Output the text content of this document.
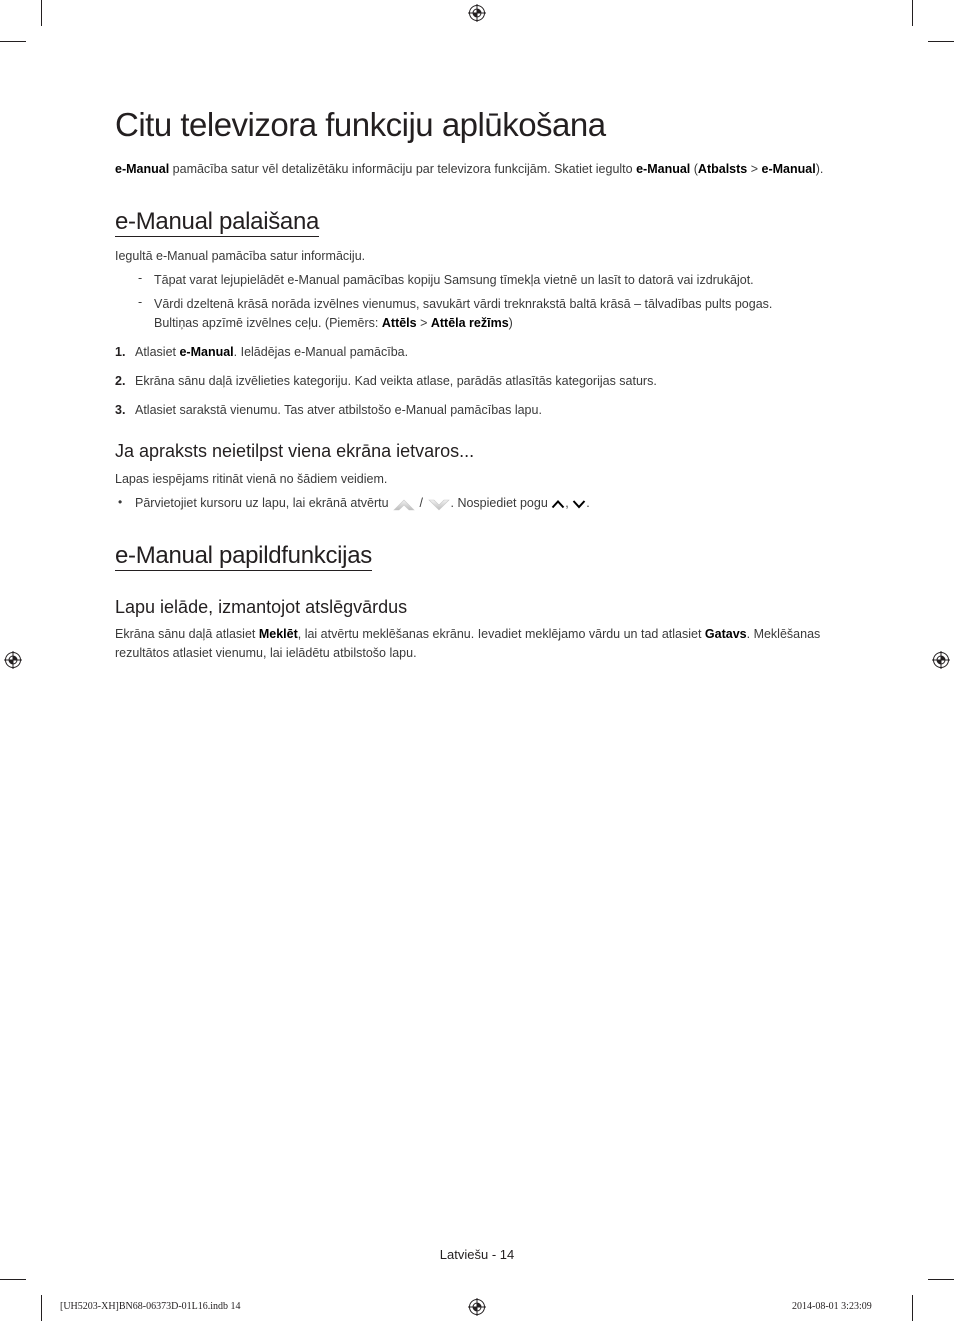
Citu televizora funkciju aplūkošana
e-Manual pamācība satur vēl detalizētāku informāciju par televizora funkcijām. Skatiet iegulto e-Manual (Atbalsts > e-Manual).
e-Manual palaišana
Iegultā e-Manual pamācība satur informāciju.
- Tāpat varat lejupielādēt e-Manual pamācības kopiju Samsung tīmekļa vietnē un lasīt to datorā vai izdrukājot.
- Vārdi dzeltenā krāsā norāda izvēlnes vienumus, savukārt vārdi treknrakstā baltā krāsā – tālvadības pults pogas.
Bultiņas apzīmē izvēlnes ceļu. (Piemērs: Attēls > Attēla režīms)
1. Atlasiet e-Manual. Ielādējas e-Manual pamācība.
2. Ekrāna sānu daļā izvēlieties kategoriju. Kad veikta atlase, parādās atlasītās kategorijas saturs.
3. Atlasiet sarakstā vienumu. Tas atver atbilstošo e-Manual pamācības lapu.
Ja apraksts neietilpst viena ekrāna ietvaros...
Lapas iespējams ritināt vienā no šādiem veidiem.
• Pārvietojiet kursoru uz lapu, lai ekrānā atvērtu
/
. Nospiediet pogu
,
.
e-Manual papildfunkcijas
Lapu ielāde, izmantojot atslēgvārdus
Ekrāna sānu daļā atlasiet Meklēt, lai atvērtu meklēšanas ekrānu. Ievadiet meklējamo vārdu un tad atlasiet Gatavs. Meklēšanas
rezultātos atlasiet vienumu, lai ielādētu atbilstošo lapu.
Latviešu - 14
[UH5203-XH]BN68-06373D-01L16.indb 14	2014-08-01 3:23:09
